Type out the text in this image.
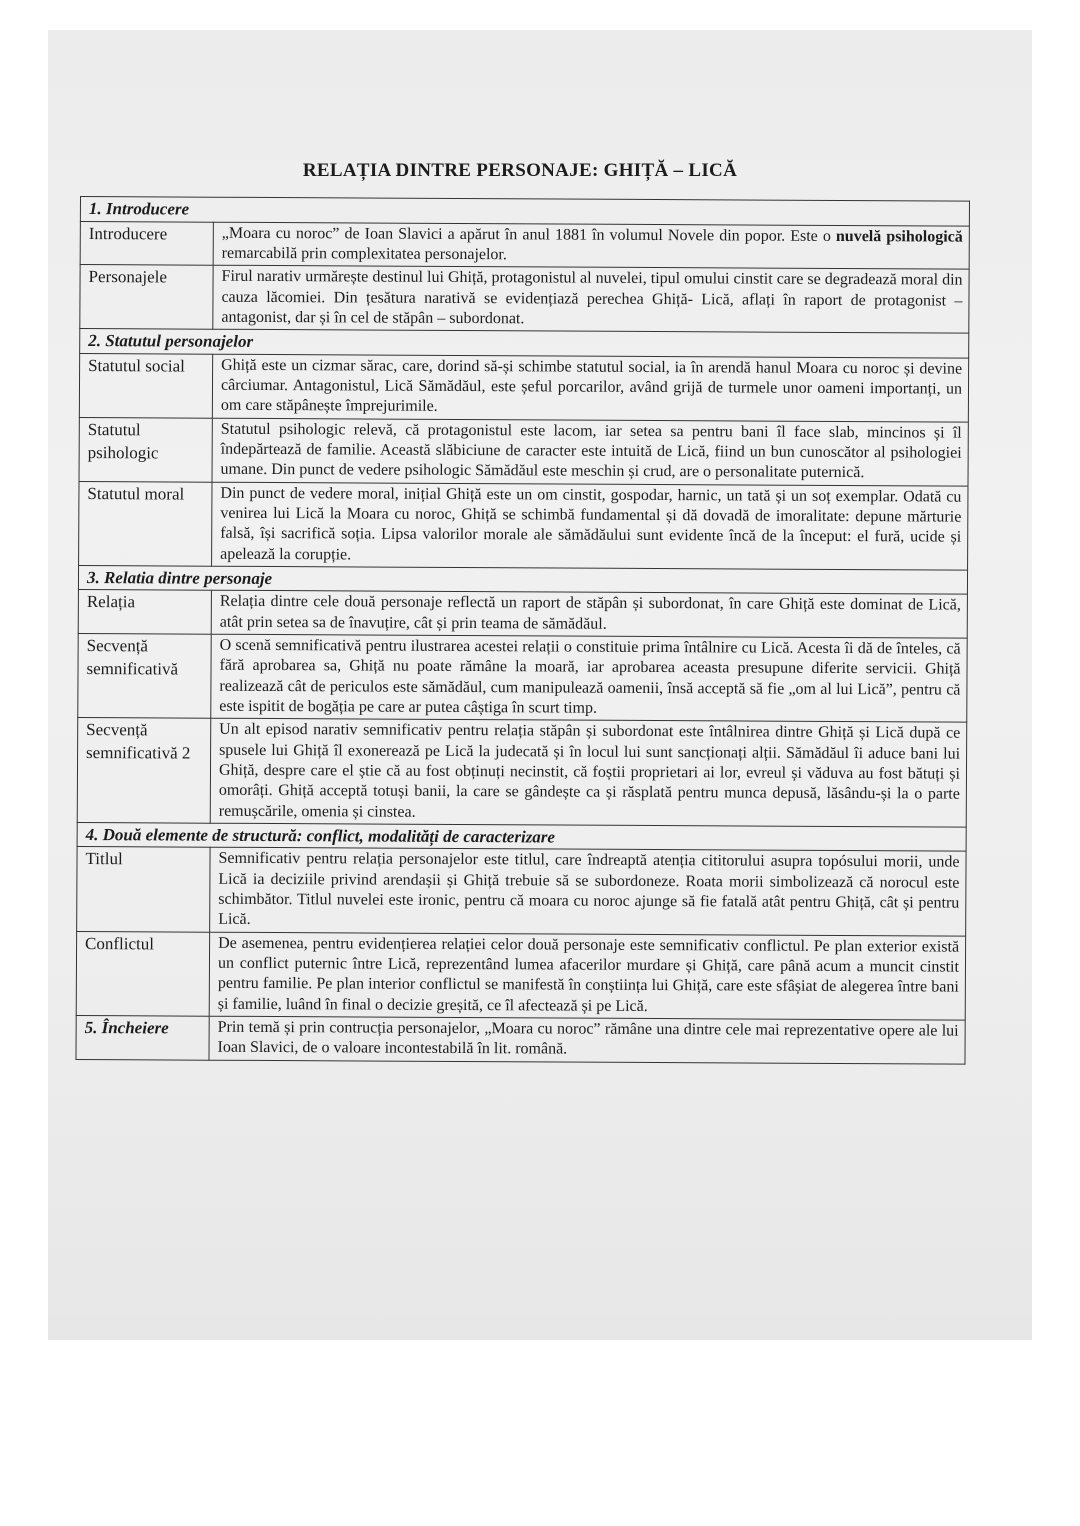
RELAȚIA DINTRE PERSONAJE: GHIȚĂ – LICĂ
1. Introducere	
Introducere	„Moara cu noroc” de Ioan Slavici a apărut în anul 1881 în volumul Novele din popor. Este o nuvelă psihologică remarcabilă prin complexitatea personajelor.
Personajele	Firul narativ urmărește destinul lui Ghiță, protagonistul al nuvelei, tipul omului cinstit care se degradează moral din cauza lăcomiei. Din țesătura narativă se evidențiază perechea Ghiță- Lică, aflați în raport de protagonist – antagonist, dar și în cel de stăpân – subordonat.
2. Statutul personajelor	
Statutul social	Ghiță este un cizmar sărac, care, dorind să-și schimbe statutul social, ia în arendă hanul Moara cu noroc și devine cârciumar. Antagonistul, Lică Sămădăul, este șeful porcarilor, având grijă de turmele unor oameni importanți, un om care stăpânește împrejurimile.
Statutul psihologic	Statutul psihologic relevă, că protagonistul este lacom, iar setea sa pentru bani îl face slab, mincinos și îl îndepărtează de familie. Această slăbiciune de caracter este intuită de Lică, fiind un bun cunoscător al psihologiei umane. Din punct de vedere psihologic Sămădăul este meschin și crud, are o personalitate puternică.
Statutul moral	Din punct de vedere moral, inițial Ghiță este un om cinstit, gospodar, harnic, un tată și un soț exemplar. Odată cu venirea lui Lică la Moara cu noroc, Ghiță se schimbă fundamental și dă dovadă de imoralitate: depune mărturie falsă, își sacrifică soția. Lipsa valorilor morale ale sămădăului sunt evidente încă de la început: el fură, ucide și apelează la corupție.
3. Relatia dintre personaje	
Relația	Relația dintre cele două personaje reflectă un raport de stăpân și subordonat, în care Ghiță este dominat de Lică, atât prin setea sa de înavuțire, cât și prin teama de sămădăul.
Secvență semnificativă	O scenă semnificativă pentru ilustrarea acestei relații o constituie prima întâlnire cu Lică. Acesta îi dă de înteles, că fără aprobarea sa, Ghiță nu poate rămâne la moară, iar aprobarea aceasta presupune diferite servicii. Ghiță realizează cât de periculos este sămădăul, cum manipulează oamenii, însă acceptă să fie „om al lui Lică”, pentru că este ispitit de bogăția pe care ar putea câștiga în scurt timp.
Secvență semnificativă 2	Un alt episod narativ semnificativ pentru relația stăpân și subordonat este întâlnirea dintre Ghiță și Lică după ce spusele lui Ghiță îl exonerează pe Lică la judecată și în locul lui sunt sancționați alții. Sămădăul îi aduce bani lui Ghiță, despre care el știe că au fost obținuți necinstit, că foștii proprietari ai lor, evreul și văduva au fost bătuți și omorâți. Ghiță acceptă totuși banii, la care se gândește ca și răsplată pentru munca depusă, lăsându-și la o parte remușcările, omenia și cinstea.
4. Două elemente de structură: conflict, modalități de caracterizare	
Titlul	Semnificativ pentru relația personajelor este titlul, care îndreaptă atenția cititorului asupra topósului morii, unde Lică ia deciziile privind arendașii și Ghiță trebuie să se subordoneze. Roata morii simbolizează că norocul este schimbător. Titlul nuvelei este ironic, pentru că moara cu noroc ajunge să fie fatală atât pentru Ghiță, cât și pentru Lică.
Conflictul	De asemenea, pentru evidențierea relației celor două personaje este semnificativ conflictul. Pe plan exterior există un conflict puternic între Lică, reprezentând lumea afacerilor murdare și Ghiță, care până acum a muncit cinstit pentru familie. Pe plan interior conflictul se manifestă în conștiința lui Ghiță, care este sfâșiat de alegerea între bani și familie, luând în final o decizie greșită, ce îl afectează și pe Lică.
5. Încheiere	Prin temă și prin contrucția personajelor, „Moara cu noroc” rămâne una dintre cele mai reprezentative opere ale lui Ioan Slavici, de o valoare incontestabilă în lit. română.
